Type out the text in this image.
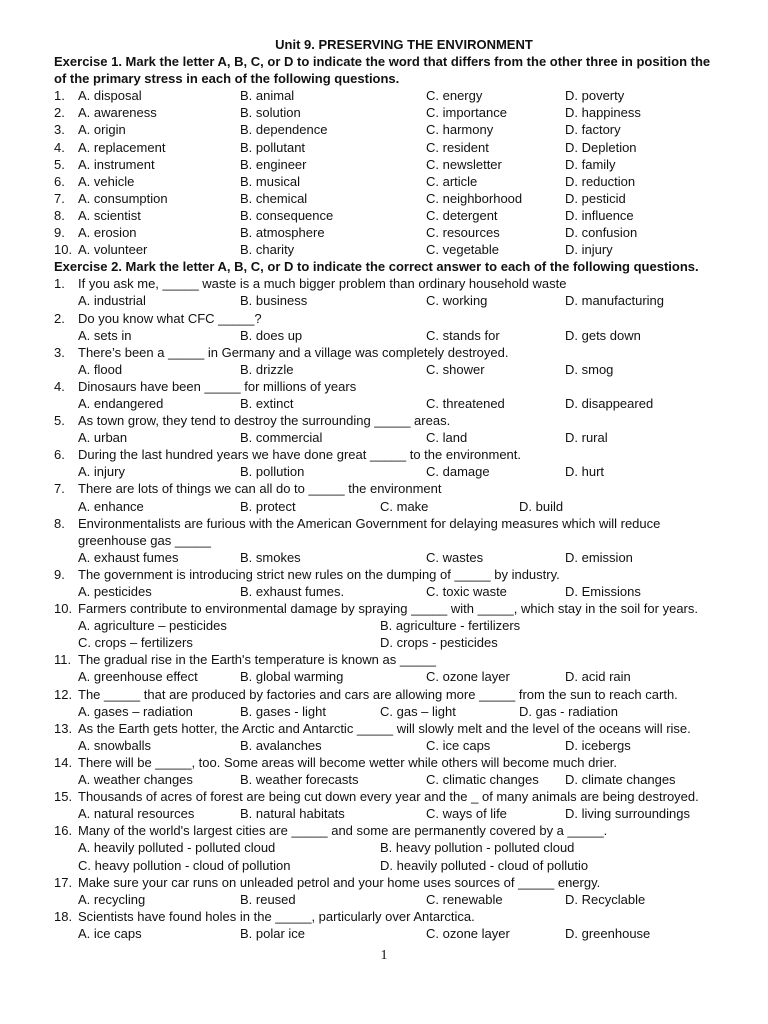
Unit 9. PRESERVING THE ENVIRONMENT
Exercise 1. Mark the letter A, B, C, or D to indicate the word that differs from the other three in position the
of the primary stress in each of the following questions.
1. A. disposal	B. animal	C. energy	D. poverty
2. A. awareness	B. solution	C. importance	D. happiness
3. A. origin	B. dependence	C. harmony	D. factory
4. A. replacement	B. pollutant	C. resident	D. Depletion
5. A. instrument	B. engineer	C. newsletter	D. family
6. A. vehicle	B. musical	C. article	D. reduction
7. A. consumption	B. chemical	C. neighborhood	D. pesticid
8. A. scientist	B. consequence	C. detergent	D. influence
9. A. erosion	B. atmosphere	C. resources	D. confusion
10. A. volunteer	B. charity	C. vegetable	D. injury
Exercise 2. Mark the letter A, B, C, or D to indicate the correct answer to each of the following questions.
1. If you ask me, _____ waste is a much bigger problem than ordinary household waste
A. industrial	B. business	C. working	D. manufacturing
2. Do you know what CFC _____?
A. sets in	B. does up	C. stands for	D. gets down
3. There’s been a _____ in Germany and a village was completely destroyed.
A. flood	B. drizzle	C. shower	D. smog
4. Dinosaurs have been _____ for millions of years
A. endangered	B. extinct	C. threatened	D. disappeared
5. As town grow, they tend to destroy the surrounding _____ areas.
A. urban	B. commercial	C. land	D. rural
6. During the last hundred years we have done great _____ to the environment.
A. injury	B. pollution	C. damage	D. hurt
7. There are lots of things we can all do to _____ the environment
A. enhance	B. protect	C. make	D. build
8. Environmentalists are furious with the American Government for delaying measures which will reduce
greenhouse gas _____
A. exhaust fumes	B. smokes	C. wastes	D. emission
9. The government is introducing strict new rules on the dumping of _____ by industry.
A. pesticides	B. exhaust fumes.	C. toxic waste	D. Emissions
10. Farmers contribute to environmental damage by spraying _____ with _____, which stay in the soil for years.
A. agriculture – pesticides	B. agriculture - fertilizers
C. crops – fertilizers	D. crops - pesticides
11. The gradual rise in the Earth's temperature is known as _____
A. greenhouse effect	B. global warming	C. ozone layer	D. acid rain
12. The _____ that are produced by factories and cars are allowing more _____ from the sun to reach carth.
A. gases – radiation	B. gases - light	C. gas – light	D. gas - radiation
13. As the Earth gets hotter, the Arctic and Antarctic _____ will slowly melt and the level of the oceans will rise.
A. snowballs	B. avalanches	C. ice caps	D. icebergs
14. There will be _____, too. Some areas will become wetter while others will become much drier.
A. weather changes	B. weather forecasts	C. climatic changes D. climate changes
15. Thousands of acres of forest are being cut down every year and the _ of many animals are being destroyed.
A. natural resources	B. natural habitats	C. ways of life	D. living surroundings
16. Many of the world's largest cities are _____ and some are permanently covered by a _____.
A. heavily polluted - polluted cloud	B. heavy pollution - polluted cloud
C. heavy pollution - cloud of pollution	D. heavily polluted - cloud of pollutio
17. Make sure your car runs on unleaded petrol and your home uses sources of _____ energy.
A. recycling	B. reused	C. renewable	D. Recyclable
18. Scientists have found holes in the _____, particularly over Antarctica.
A. ice caps	B. polar ice	C. ozone layer	D. greenhouse
1
